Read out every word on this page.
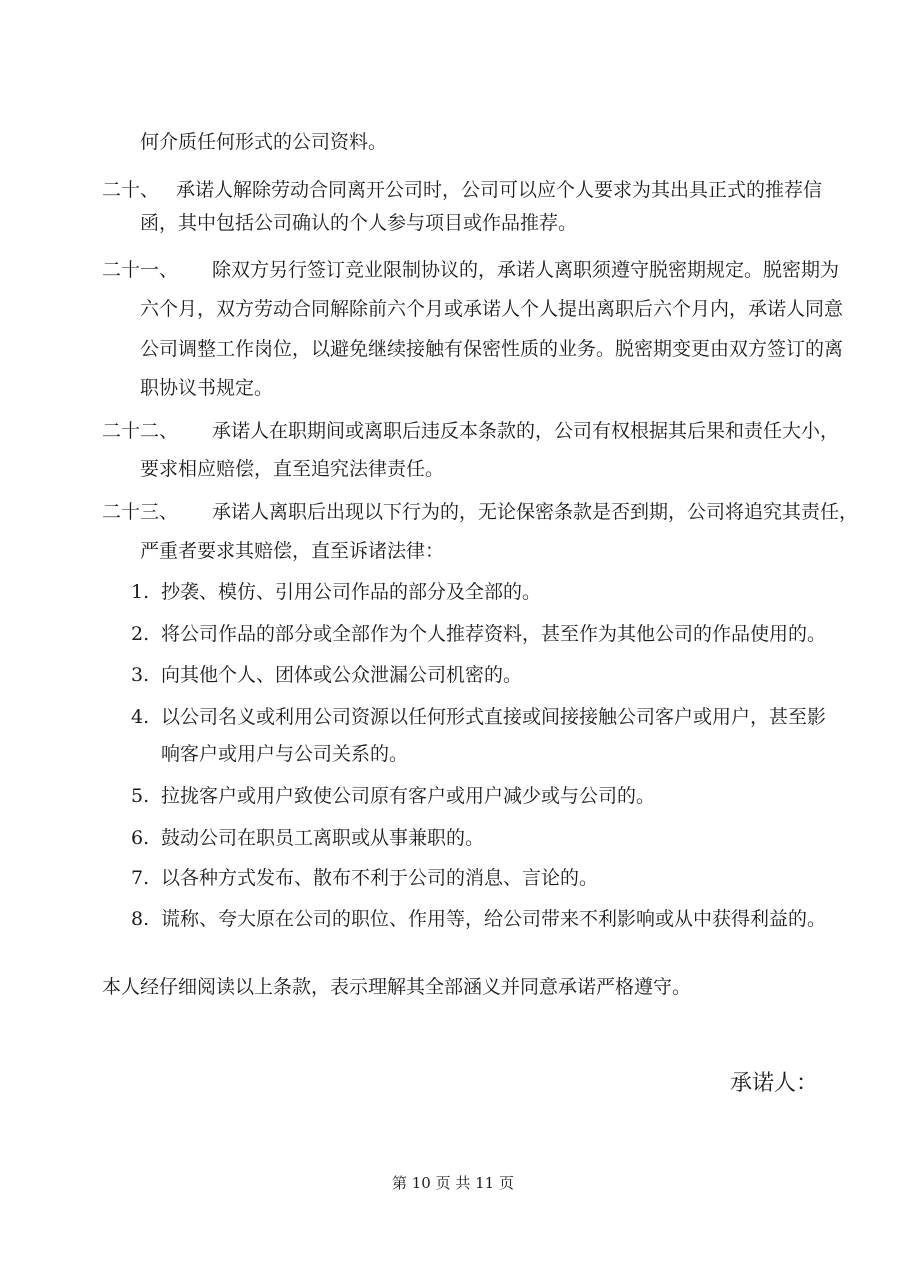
何介质任何形式的公司资料。
二十、 承诺人解除劳动合同离开公司时，公司可以应个人要求为其出具正式的推荐信
函，其中包括公司确认的个人参与项目或作品推荐。
二十一、 除双方另行签订竞业限制协议的，承诺人离职须遵守脱密期规定。脱密期为
六个月，双方劳动合同解除前六个月或承诺人个人提出离职后六个月内，承诺人同意
公司调整工作岗位，以避免继续接触有保密性质的业务。脱密期变更由双方签订的离
职协议书规定。
二十二、 承诺人在职期间或离职后违反本条款的，公司有权根据其后果和责任大小，
要求相应赔偿，直至追究法律责任。
二十三、 承诺人离职后出现以下行为的，无论保密条款是否到期，公司将追究其责任，
严重者要求其赔偿，直至诉诸法律：
1. 抄袭、模仿、引用公司作品的部分及全部的。
2. 将公司作品的部分或全部作为个人推荐资料，甚至作为其他公司的作品使用的。
3. 向其他个人、团体或公众泄漏公司机密的。
4. 以公司名义或利用公司资源以任何形式直接或间接接触公司客户或用户，甚至影
响客户或用户与公司关系的。
5. 拉拢客户或用户致使公司原有客户或用户减少或与公司的。
6. 鼓动公司在职员工离职或从事兼职的。
7. 以各种方式发布、散布不利于公司的消息、言论的。
8. 谎称、夸大原在公司的职位、作用等，给公司带来不利影响或从中获得利益的。
本人经仔细阅读以上条款，表示理解其全部涵义并同意承诺严格遵守。
承诺人：
第 10 页 共 11 页
